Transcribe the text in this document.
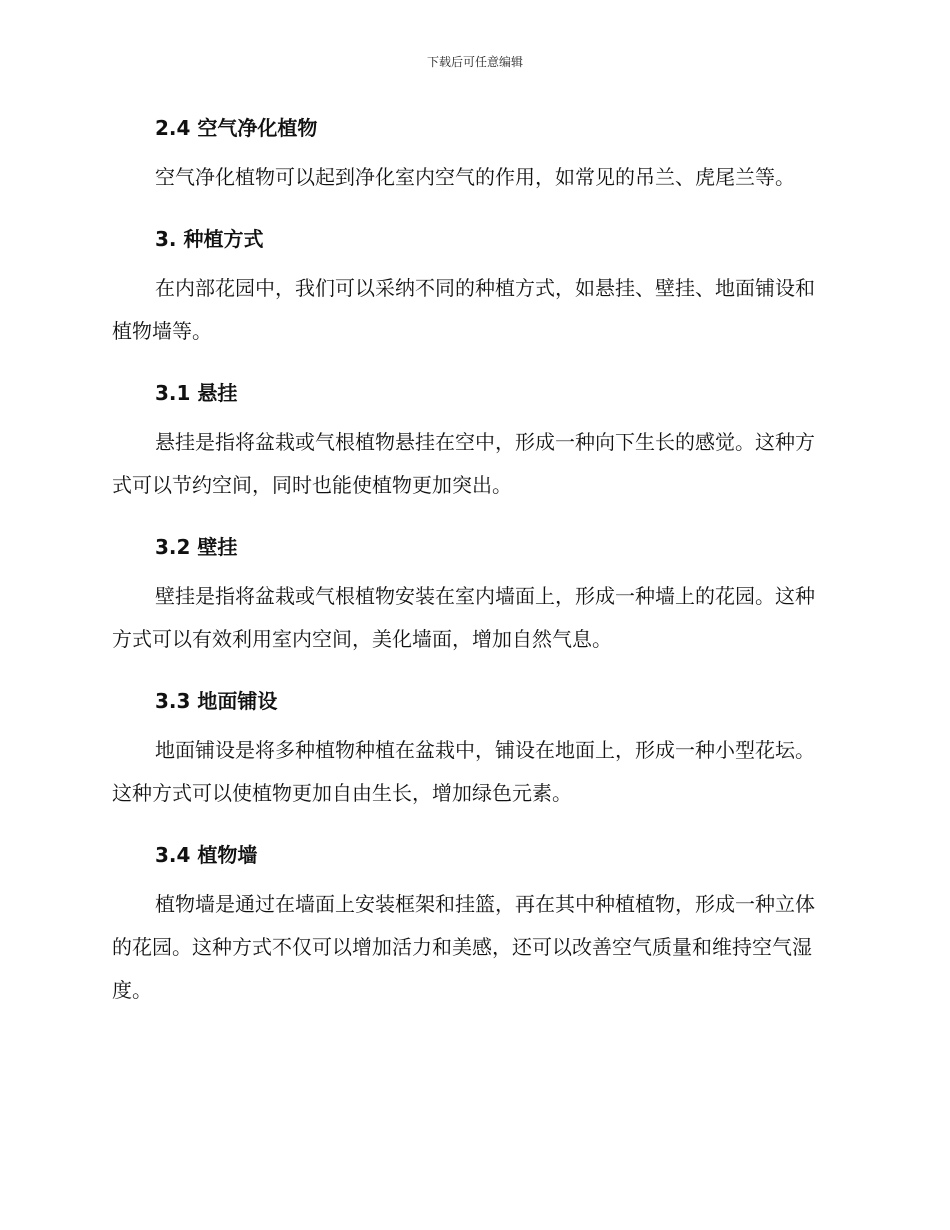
下载后可任意编辑
2.4 空气净化植物

空气净化植物可以起到净化室内空气的作用，如常见的吊兰、虎尾兰等。

3. 种植方式

在内部花园中，我们可以采纳不同的种植方式，如悬挂、壁挂、地面铺设和植物墙等。

3.1 悬挂

悬挂是指将盆栽或气根植物悬挂在空中，形成一种向下生长的感觉。这种方式可以节约空间，同时也能使植物更加突出。

3.2 壁挂

壁挂是指将盆栽或气根植物安装在室内墙面上，形成一种墙上的花园。这种方式可以有效利用室内空间，美化墙面，增加自然气息。

3.3 地面铺设

地面铺设是将多种植物种植在盆栽中，铺设在地面上，形成一种小型花坛。这种方式可以使植物更加自由生长，增加绿色元素。

3.4 植物墙

植物墙是通过在墙面上安装框架和挂篮，再在其中种植植物，形成一种立体的花园。这种方式不仅可以增加活力和美感，还可以改善空气质量和维持空气湿度。
